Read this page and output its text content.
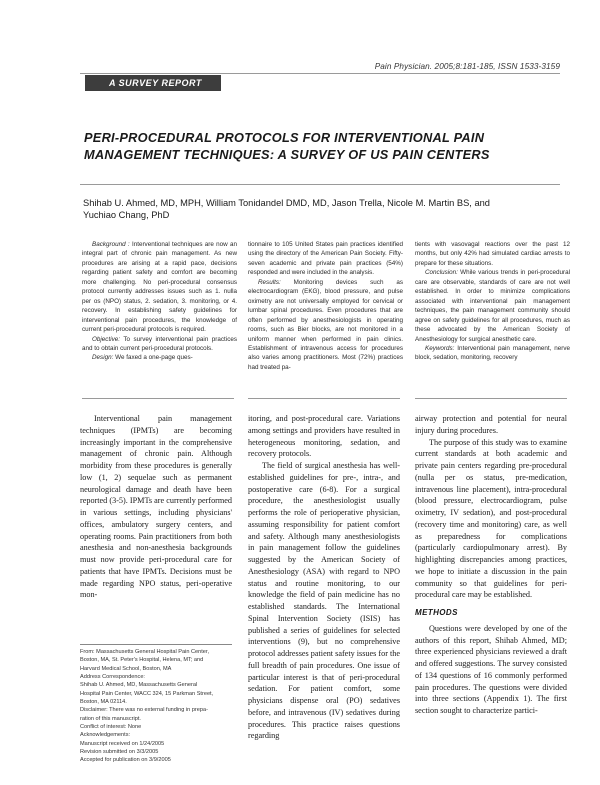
Pain Physician. 2005;8:181-185, ISSN 1533-3159
A SURVEY REPORT
PERI-PROCEDURAL PROTOCOLS FOR INTERVENTIONAL PAIN
MANAGEMENT TECHNIQUES: A SURVEY OF US PAIN CENTERS
Shihab U. Ahmed, MD, MPH, William Tonidandel DMD, MD, Jason Trella, Nicole M. Martin BS, and
Yuchiao Chang, PhD

Background : Interventional techniques are now an integral part of chronic pain management. As new procedures are arising at a rapid pace, decisions regarding patient safety and comfort are becoming more challenging. No peri-procedural consensus protocol currently addresses issues such as 1. nulla per os (NPO) status, 2. sedation, 3. monitoring, or 4. recovery. In establishing safety guidelines for interventional pain procedures, the knowledge of current peri-procedural protocols is required.

Objective: To survey interventional pain practices and to obtain current peri-procedural protocols.

Design: We faxed a one-page ques-

tionnaire to 105 United States pain practices identified using the directory of the American Pain Society. Fifty-seven academic and private pain practices (54%) responded and were included in the analysis.

Results: Monitoring devices such as electrocardiogram (EKG), blood pressure, and pulse oximetry are not universally employed for cervical or lumbar spinal procedures. Even procedures that are often performed by anesthesiologists in operating rooms, such as Bier blocks, are not monitored in a uniform manner when performed in pain clinics. Establishment of intravenous access for procedures also varies among practitioners. Most (72%) practices had treated pa-

tients with vasovagal reactions over the past 12 months, but only 42% had simulated cardiac arrests to prepare for these situations.

Conclusion: While various trends in peri-procedural care are observable, standards of care are not well established. In order to minimize complications associated with interventional pain management techniques, the pain management community should agree on safety guidelines for all procedures, much as these advocated by the American Society of Anesthesiology for surgical anesthetic care.

Keywords: Interventional pain management, nerve block, sedation, monitoring, recovery

Interventional pain management techniques (IPMTs) are becoming increasingly important in the comprehensive management of chronic pain. Although morbidity from these procedures is generally low (1, 2) sequelae such as permanent neurological damage and death have been reported (3-5). IPMTs are currently performed in various settings, including physicians' offices, ambulatory surgery centers, and operating rooms. Pain practitioners from both anesthesia and non-anesthesia backgrounds must now provide peri-procedural care for patients that have IPMTs. Decisions must be made regarding NPO status, peri-operative mon-

itoring, and post-procedural care. Variations among settings and providers have resulted in heterogeneous monitoring, sedation, and recovery protocols.

The field of surgical anesthesia has well-established guidelines for pre-, intra-, and postoperative care (6-8). For a surgical procedure, the anesthesiologist usually performs the role of perioperative physician, assuming responsibility for patient comfort and safety. Although many anesthesiologists in pain management follow the guidelines suggested by the American Society of Anesthesiology (ASA) with regard to NPO status and routine monitoring, to our knowledge the field of pain medicine has no established standards. The International Spinal Intervention Society (ISIS) has published a series of guidelines for selected interventions (9), but no comprehensive protocol addresses patient safety issues for the full breadth of pain procedures. One issue of particular interest is that of peri-procedural sedation. For patient comfort, some physicians dispense oral (PO) sedatives before, and intravenous (IV) sedatives during procedures. This practice raises questions regarding

airway protection and potential for neural injury during procedures.

The purpose of this study was to examine current standards at both academic and private pain centers regarding pre-procedural (nulla per os status, pre-medication, intravenous line placement), intra-procedural (blood pressure, electrocardiogram, pulse oximetry, IV sedation), and post-procedural (recovery time and monitoring) care, as well as preparedness for complications (particularly cardiopulmonary arrest). By highlighting discrepancies among practices, we hope to initiate a discussion in the pain community so that guidelines for peri-procedural care may be established.

METHODS

Questions were developed by one of the authors of this report, Shihab Ahmed, MD; three experienced physicians reviewed a draft and offered suggestions. The survey consisted of 134 questions of 16 commonly performed pain procedures. The questions were divided into three sections (Appendix 1). The first section sought to characterize partici-

From: Massachusetts General Hospital Pain Center,
Boston, MA, St. Peter's Hospital, Helena, MT; and
Harvard Medical School, Boston, MA
Address Correspondence:
Shihab U. Ahmed, MD, Massachusetts General
Hospital Pain Center, WACC 324, 15 Parkman Street,
Boston, MA 02114.
Disclaimer: There was no external funding in prepa-
ration of this manuscript.
Conflict of interest: None
Acknowledgements:
Manuscript received on 1/24/2005
Revision submitted on 3/3/2005
Accepted for publication on 3/9/2005
